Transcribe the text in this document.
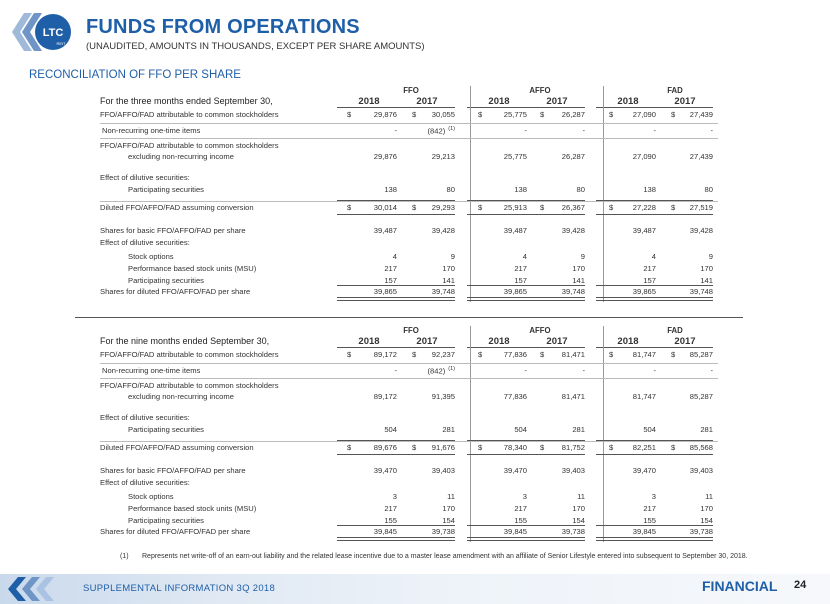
LTC
REIT
FUNDS FROM OPERATIONS
(UNAUDITED, AMOUNTS IN THOUSANDS, EXCEPT PER SHARE AMOUNTS)
RECONCILIATION OF FFO PER SHARE
FFO	AFFO	FAD
For the three months ended September 30,	2018	2017	2018	2017	2018	2017
FFO/AFFO/FAD attributable to common stockholders	$	29,876 $	30,055	$	25,775 $	26,287	$	27,090 $	27,439
Non-recurring one-time items	-	(842) $^{(1)}$	-	-	-	-
FFO/AFFO/FAD attributable to common stockholders
excluding non-recurring income	29,876	29,213	25,775	26,287	27,090	27,439
Effect of dilutive securities:
Participating securities	138	80	138	80	138	80
Diluted FFO/AFFO/FAD assuming conversion	$	30,014 $	29,293	$	25,913 $	26,367	$	27,228 $	27,519
Shares for basic FFO/AFFO/FAD per share	39,487	39,428	39,487	39,428	39,487	39,428
Effect of dilutive securities:
Stock options	4	9	4	9	4	9
Performance based stock units (MSU)	217	170	217	170	217	170
Participating securities	157	141	157	141	157	141
Shares for diluted FFO/AFFO/FAD per share	39,865	39,748	39,865	39,748	39,865	39,748
FFO	AFFO	FAD
For the nine months ended September 30,	2018	2017	2018	2017	2018	2017
FFO/AFFO/FAD attributable to common stockholders	$	89,172 $	92,237	$	77,836 $	81,471	$	81,747 $	85,287
Non-recurring one-time items	-	(842) $^{(1)}$	-	-	-	-
FFO/AFFO/FAD attributable to common stockholders
excluding non-recurring income	89,172	91,395	77,836	81,471	81,747	85,287
Effect of dilutive securities:
Participating securities	504	281	504	281	504	281
Diluted FFO/AFFO/FAD assuming conversion	$	89,676 $	91,676	$	78,340 $	81,752	$	82,251 $	85,568
Shares for basic FFO/AFFO/FAD per share	39,470	39,403	39,470	39,403	39,470	39,403
Effect of dilutive securities:
Stock options	3	11	3	11	3	11
Performance based stock units (MSU)	217	170	217	170	217	170
Participating securities	155	154	155	154	155	154
Shares for diluted FFO/AFFO/FAD per share	39,845	39,738	39,845	39,738	39,845	39,738
(1) Represents net write-off of an earn-out liability and the related lease incentive due to a master lease amendment with an affiliate of Senior Lifestyle entered into subsequent to September 30, 2018.
SUPPLEMENTAL INFORMATION 3Q 2018	FINANCIAL 24
